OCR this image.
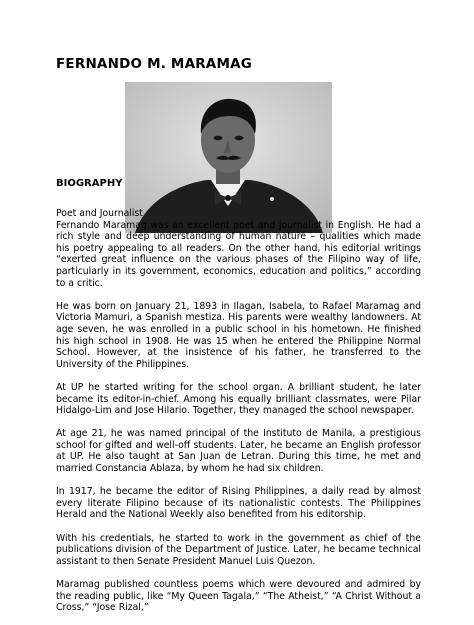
FERNANDO M. MARAMAG
BIOGRAPHY

Poet and Journalist

Fernando Maramag was an excellent poet and journalist in English. He had a rich style and deep understanding of human nature – qualities which made his poetry appealing to all readers. On the other hand, his editorial writings “exerted great influence on the various phases of the Filipino way of life, particularly in its government, economics, education and politics,” according to a critic.

He was born on January 21, 1893 in Ilagan, Isabela, to Rafael Maramag and Victoria Mamuri, a Spanish mestiza. His parents were wealthy landowners. At age seven, he was enrolled in a public school in his hometown. He finished his high school in 1908. He was 15 when he entered the Philippine Normal School. However, at the insistence of his father, he transferred to the University of the Philippines.

At UP he started writing for the school organ. A brilliant student, he later became its editor-in-chief. Among his equally brilliant classmates, were Pilar Hidalgo-Lim and Jose Hilario. Together, they managed the school newspaper.

At age 21, he was named principal of the Instituto de Manila, a prestigious school for gifted and well-off students. Later, he became an English professor at UP. He also taught at San Juan de Letran. During this time, he met and married Constancia Ablaza, by whom he had six children.

In 1917, he became the editor of Rising Philippines, a daily read by almost every literate Filipino because of its nationalistic contests. The Philippines Herald and the National Weekly also benefited from his editorship.

With his credentials, he started to work in the government as chief of the publications division of the Department of Justice. Later, he became technical assistant to then Senate President Manuel Luis Quezon.

Maramag published countless poems which were devoured and admired by the reading public, like “My Queen Tagala,” “The Atheist,” “A Christ Without a Cross,” “Jose Rizal,”
